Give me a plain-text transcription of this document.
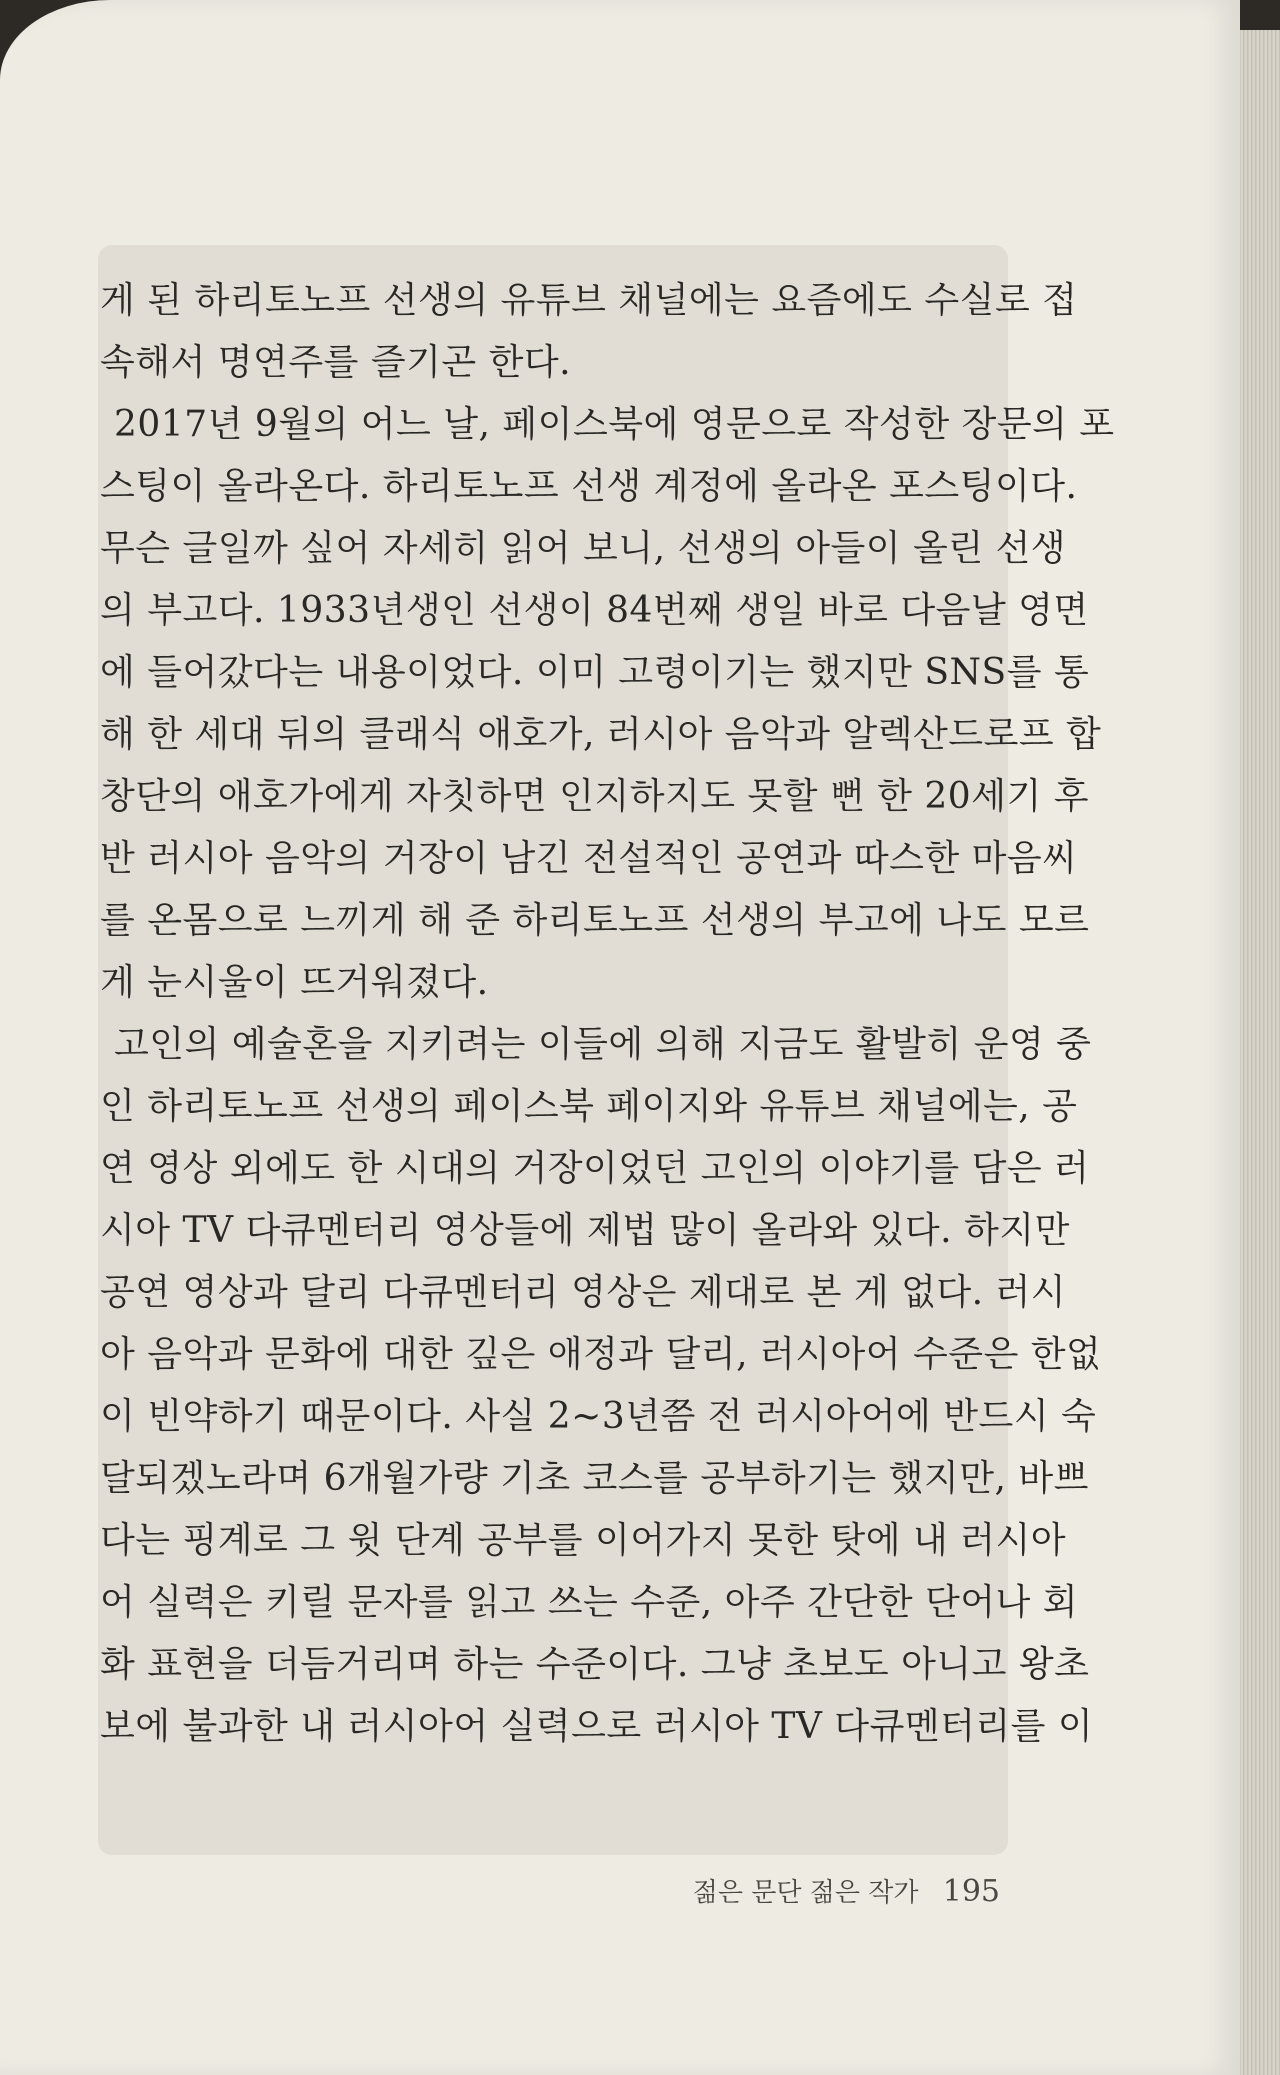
게 된 하리토노프 선생의 유튜브 채널에는 요즘에도 수실로 접
속해서 명연주를 즐기곤 한다.
2017년 9월의 어느 날, 페이스북에 영문으로 작성한 장문의 포
스팅이 올라온다. 하리토노프 선생 계정에 올라온 포스팅이다.
무슨 글일까 싶어 자세히 읽어 보니, 선생의 아들이 올린 선생
의 부고다. 1933년생인 선생이 84번째 생일 바로 다음날 영면
에 들어갔다는 내용이었다. 이미 고령이기는 했지만 SNS를 통
해 한 세대 뒤의 클래식 애호가, 러시아 음악과 알렉산드로프 합
창단의 애호가에게 자칫하면 인지하지도 못할 뻔 한 20세기 후
반 러시아 음악의 거장이 남긴 전설적인 공연과 따스한 마음씨
를 온몸으로 느끼게 해 준 하리토노프 선생의 부고에 나도 모르
게 눈시울이 뜨거워졌다.
고인의 예술혼을 지키려는 이들에 의해 지금도 활발히 운영 중
인 하리토노프 선생의 페이스북 페이지와 유튜브 채널에는, 공
연 영상 외에도 한 시대의 거장이었던 고인의 이야기를 담은 러
시아 TV 다큐멘터리 영상들에 제법 많이 올라와 있다. 하지만
공연 영상과 달리 다큐멘터리 영상은 제대로 본 게 없다. 러시
아 음악과 문화에 대한 깊은 애정과 달리, 러시아어 수준은 한없
이 빈약하기 때문이다. 사실 2~3년쯤 전 러시아어에 반드시 숙
달되겠노라며 6개월가량 기초 코스를 공부하기는 했지만, 바쁘
다는 핑계로 그 윗 단계 공부를 이어가지 못한 탓에 내 러시아
어 실력은 키릴 문자를 읽고 쓰는 수준, 아주 간단한 단어나 회
화 표현을 더듬거리며 하는 수준이다. 그냥 초보도 아니고 왕초
보에 불과한 내 러시아어 실력으로 러시아 TV 다큐멘터리를 이
젊은 문단 젊은 작가 195
